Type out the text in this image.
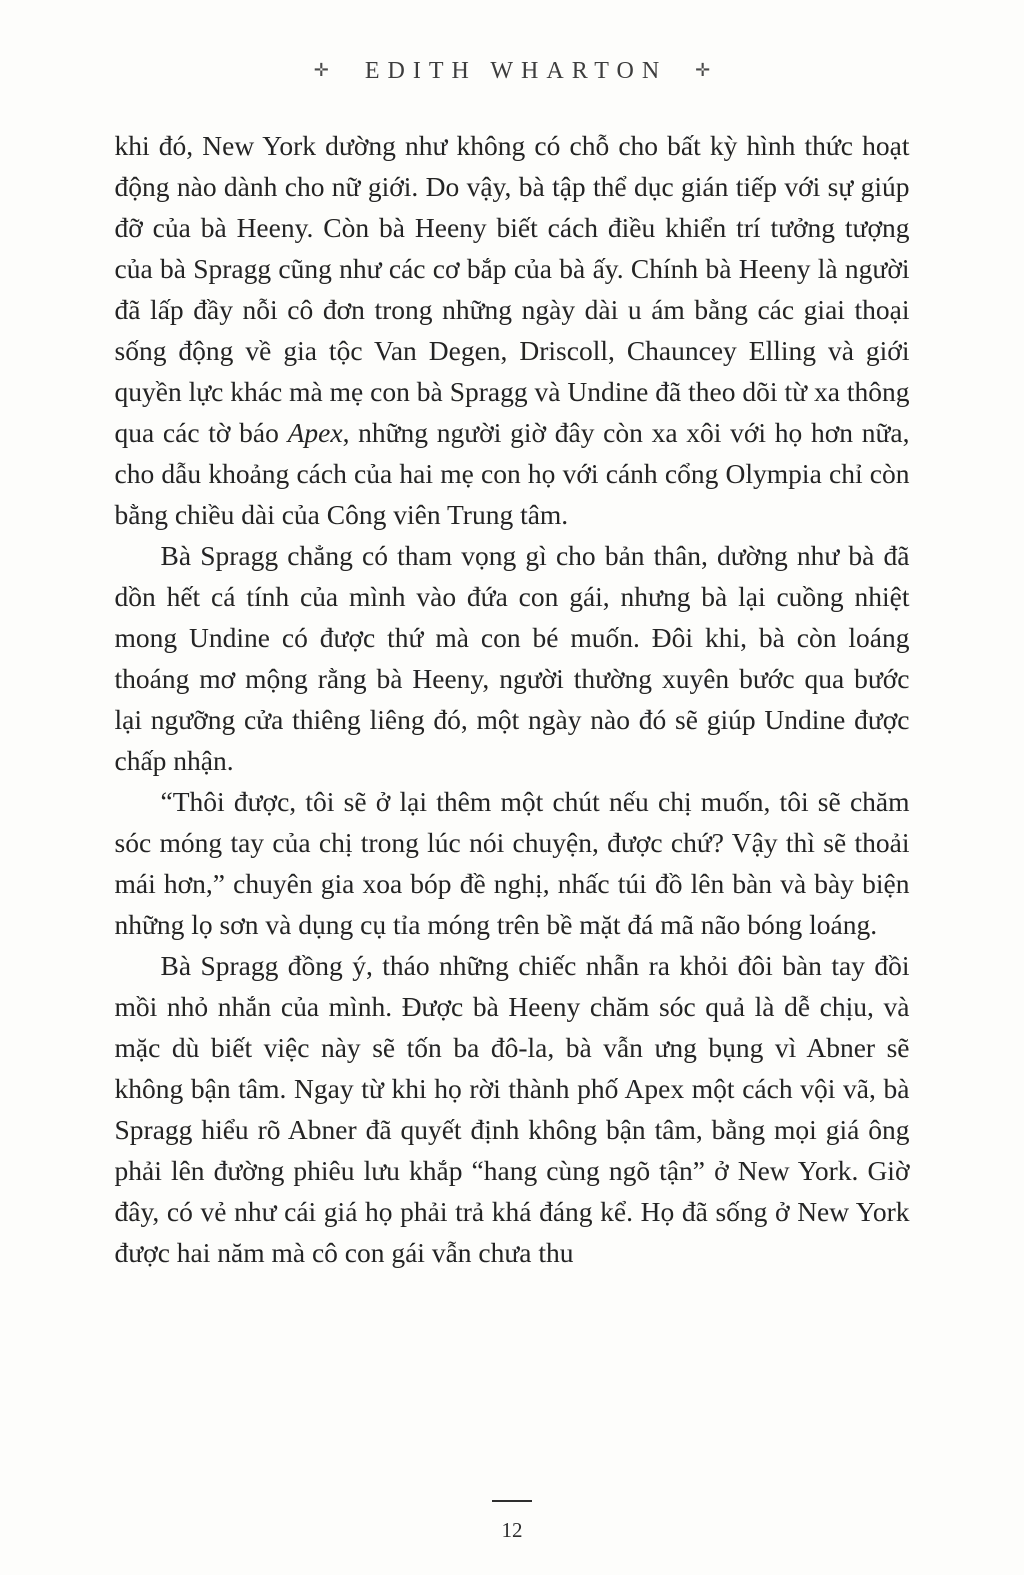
✛ EDITH WHARTON ✛

khi đó, New York dường như không có chỗ cho bất kỳ hình thức hoạt động nào dành cho nữ giới. Do vậy, bà tập thể dục gián tiếp với sự giúp đỡ của bà Heeny. Còn bà Heeny biết cách điều khiển trí tưởng tượng của bà Spragg cũng như các cơ bắp của bà ấy. Chính bà Heeny là người đã lấp đầy nỗi cô đơn trong những ngày dài u ám bằng các giai thoại sống động về gia tộc Van Degen, Driscoll, Chauncey Elling và giới quyền lực khác mà mẹ con bà Spragg và Undine đã theo dõi từ xa thông qua các tờ báo Apex, những người giờ đây còn xa xôi với họ hơn nữa, cho dẫu khoảng cách của hai mẹ con họ với cánh cổng Olympia chỉ còn bằng chiều dài của Công viên Trung tâm.

Bà Spragg chẳng có tham vọng gì cho bản thân, dường như bà đã dồn hết cá tính của mình vào đứa con gái, nhưng bà lại cuồng nhiệt mong Undine có được thứ mà con bé muốn. Đôi khi, bà còn loáng thoáng mơ mộng rằng bà Heeny, người thường xuyên bước qua bước lại ngưỡng cửa thiêng liêng đó, một ngày nào đó sẽ giúp Undine được chấp nhận.

“Thôi được, tôi sẽ ở lại thêm một chút nếu chị muốn, tôi sẽ chăm sóc móng tay của chị trong lúc nói chuyện, được chứ? Vậy thì sẽ thoải mái hơn,” chuyên gia xoa bóp đề nghị, nhấc túi đồ lên bàn và bày biện những lọ sơn và dụng cụ tỉa móng trên bề mặt đá mã não bóng loáng.

Bà Spragg đồng ý, tháo những chiếc nhẫn ra khỏi đôi bàn tay đồi mồi nhỏ nhắn của mình. Được bà Heeny chăm sóc quả là dễ chịu, và mặc dù biết việc này sẽ tốn ba đô-la, bà vẫn ưng bụng vì Abner sẽ không bận tâm. Ngay từ khi họ rời thành phố Apex một cách vội vã, bà Spragg hiểu rõ Abner đã quyết định không bận tâm, bằng mọi giá ông phải lên đường phiêu lưu khắp “hang cùng ngõ tận” ở New York. Giờ đây, có vẻ như cái giá họ phải trả khá đáng kể. Họ đã sống ở New York được hai năm mà cô con gái vẫn chưa thu

12
